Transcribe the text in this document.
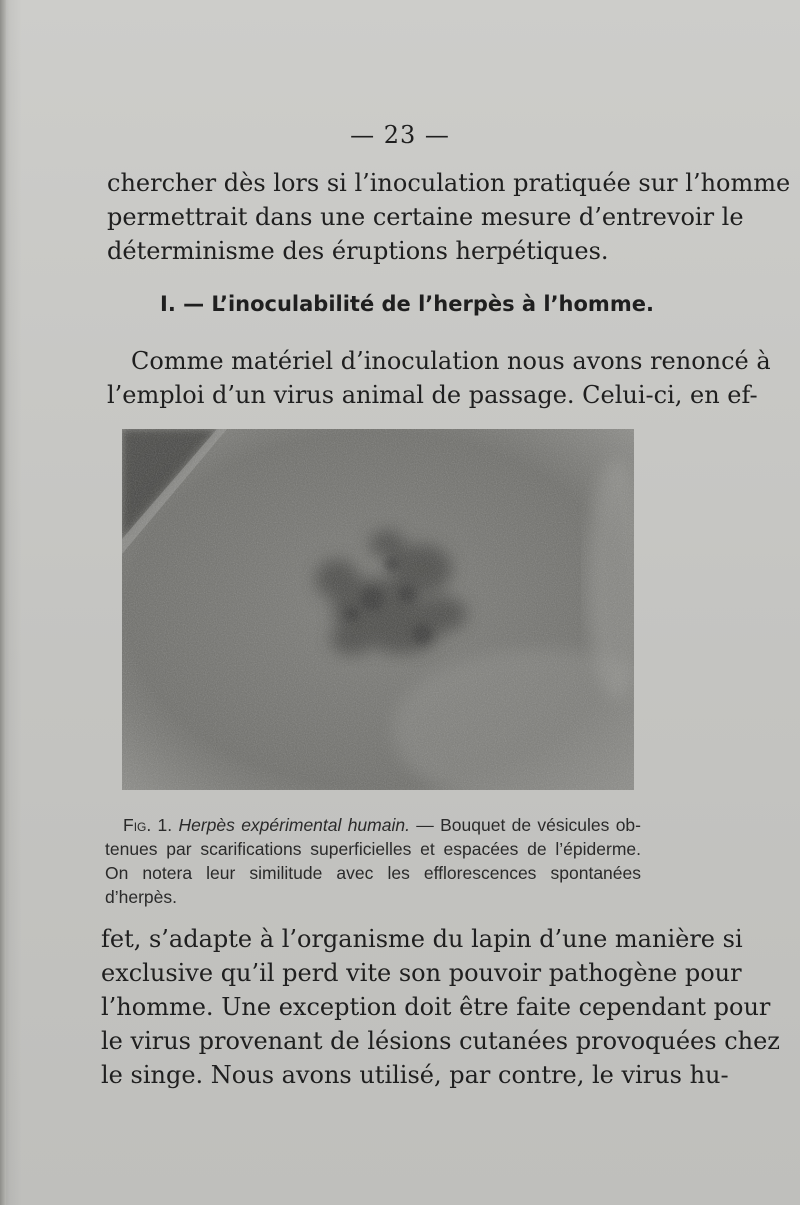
— 23 —
chercher dès lors si l’inoculation pratiquée sur l’homme
permettrait dans une certaine mesure d’entrevoir le
déterminisme des éruptions herpétiques.
I. — L’inoculabilité de l’herpès à l’homme.
Comme matériel d’inoculation nous avons renoncé à
l’emploi d’un virus animal de passage. Celui-ci, en ef-
Fig. 1. Herpès expérimental humain. — Bouquet de vésicules ob-
tenues par scarifications superficielles et espacées de l’épiderme.
On notera leur similitude avec les efflorescences spontanées
d’herpès.
fet, s’adapte à l’organisme du lapin d’une manière si
exclusive qu’il perd vite son pouvoir pathogène pour
l’homme. Une exception doit être faite cependant pour
le virus provenant de lésions cutanées provoquées chez
le singe. Nous avons utilisé, par contre, le virus hu-
